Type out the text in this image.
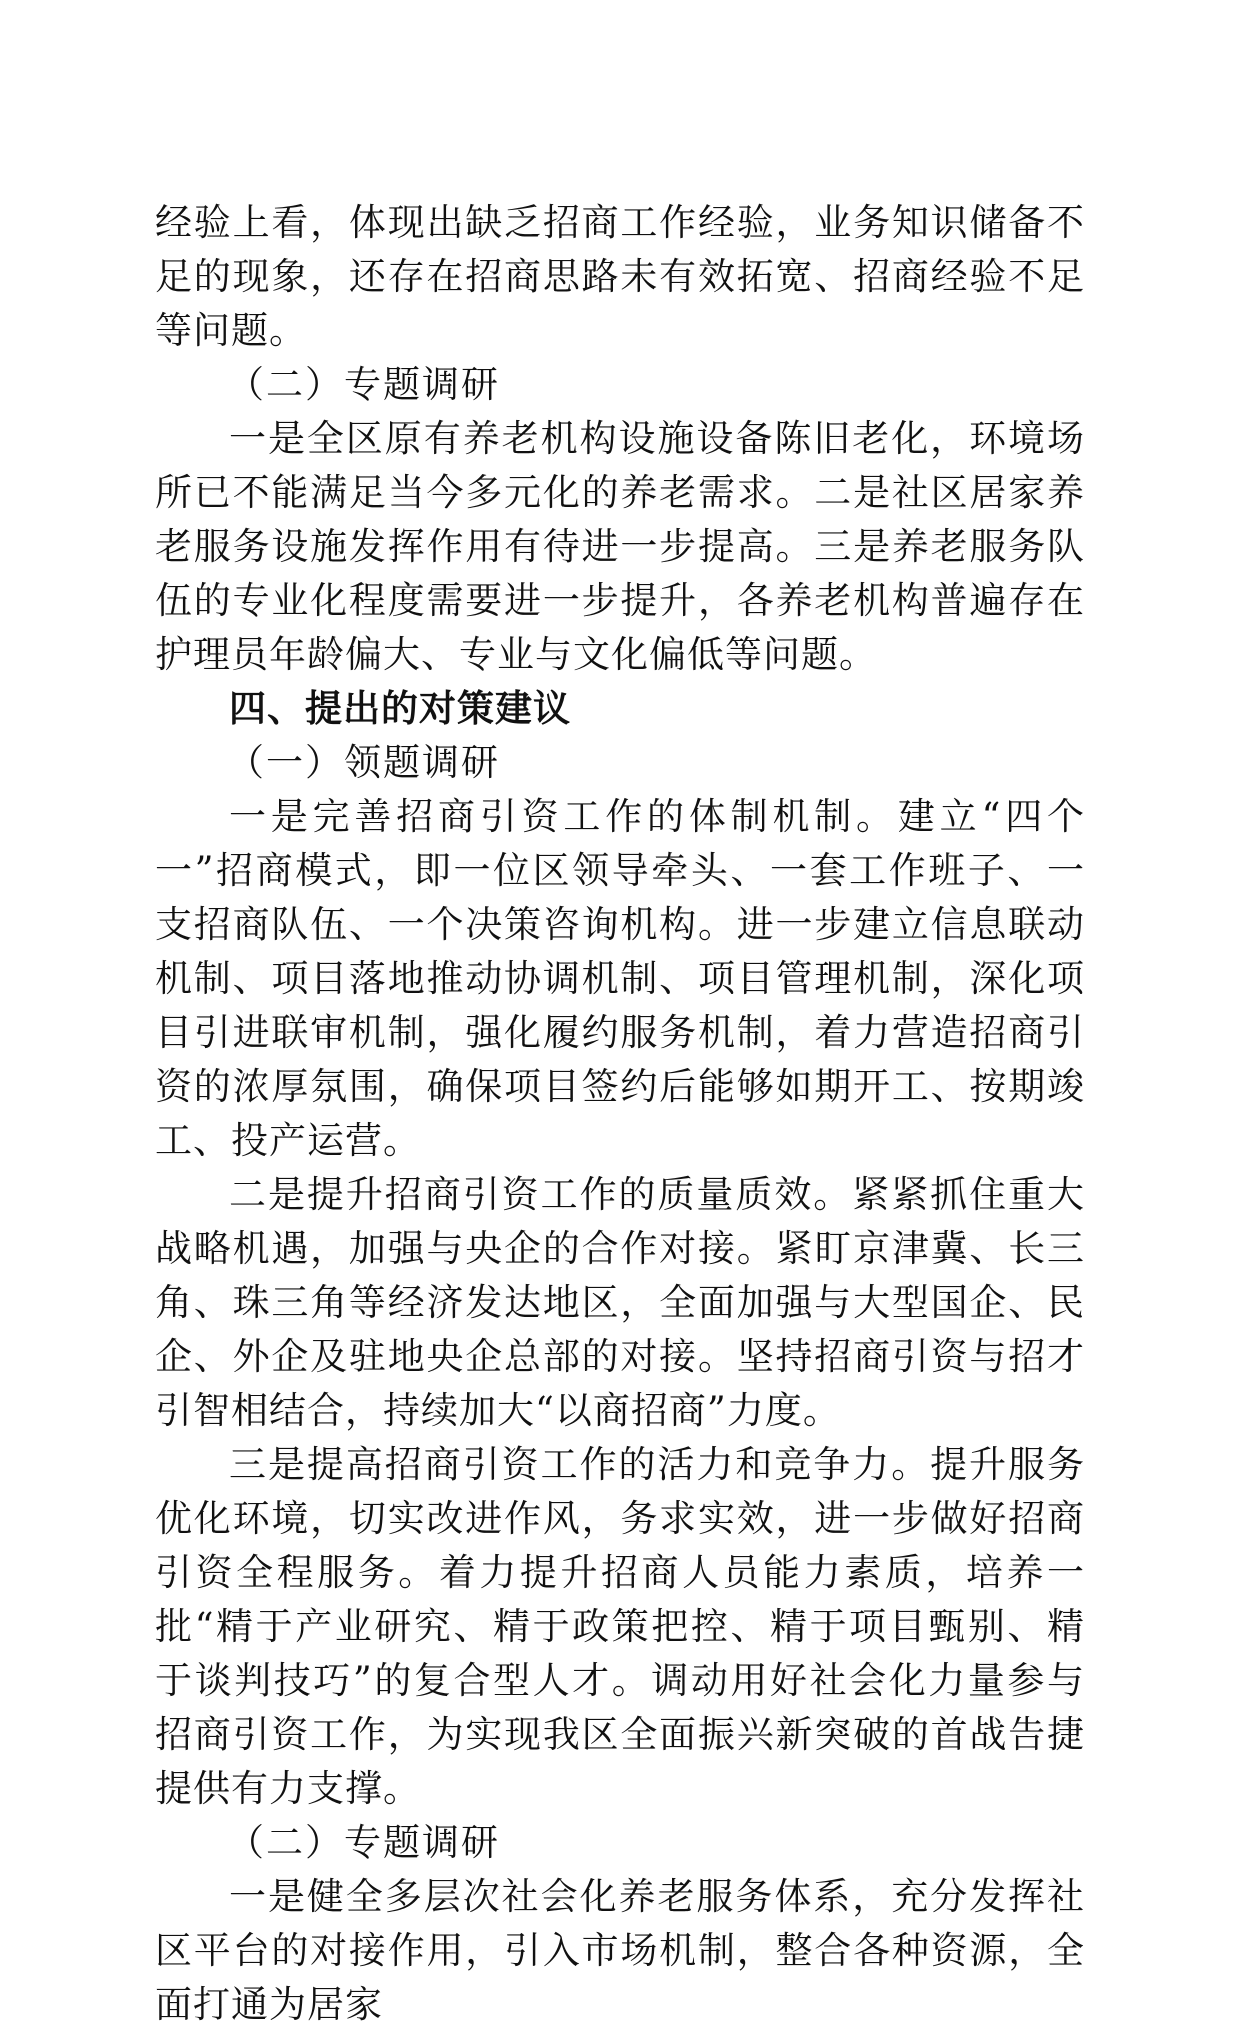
经验上看，体现出缺乏招商工作经验，业务知识储备不足的现象，还存在招商思路未有效拓宽、招商经验不足等问题。

（二）专题调研

一是全区原有养老机构设施设备陈旧老化，环境场所已不能满足当今多元化的养老需求。二是社区居家养老服务设施发挥作用有待进一步提高。三是养老服务队伍的专业化程度需要进一步提升，各养老机构普遍存在护理员年龄偏大、专业与文化偏低等问题。

四、提出的对策建议

（一）领题调研

一是完善招商引资工作的体制机制。建立“四个一”招商模式，即一位区领导牵头、一套工作班子、一支招商队伍、一个决策咨询机构。进一步建立信息联动机制、项目落地推动协调机制、项目管理机制，深化项目引进联审机制，强化履约服务机制，着力营造招商引资的浓厚氛围，确保项目签约后能够如期开工、按期竣工、投产运营。

二是提升招商引资工作的质量质效。紧紧抓住重大战略机遇，加强与央企的合作对接。紧盯京津冀、长三角、珠三角等经济发达地区，全面加强与大型国企、民企、外企及驻地央企总部的对接。坚持招商引资与招才引智相结合，持续加大“以商招商”力度。

三是提高招商引资工作的活力和竞争力。提升服务优化环境，切实改进作风，务求实效，进一步做好招商引资全程服务。着力提升招商人员能力素质，培养一批“精于产业研究、精于政策把控、精于项目甄别、精于谈判技巧”的复合型人才。调动用好社会化力量参与招商引资工作，为实现我区全面振兴新突破的首战告捷提供有力支撑。

（二）专题调研

一是健全多层次社会化养老服务体系，充分发挥社区平台的对接作用，引入市场机制，整合各种资源，全面打通为居家
